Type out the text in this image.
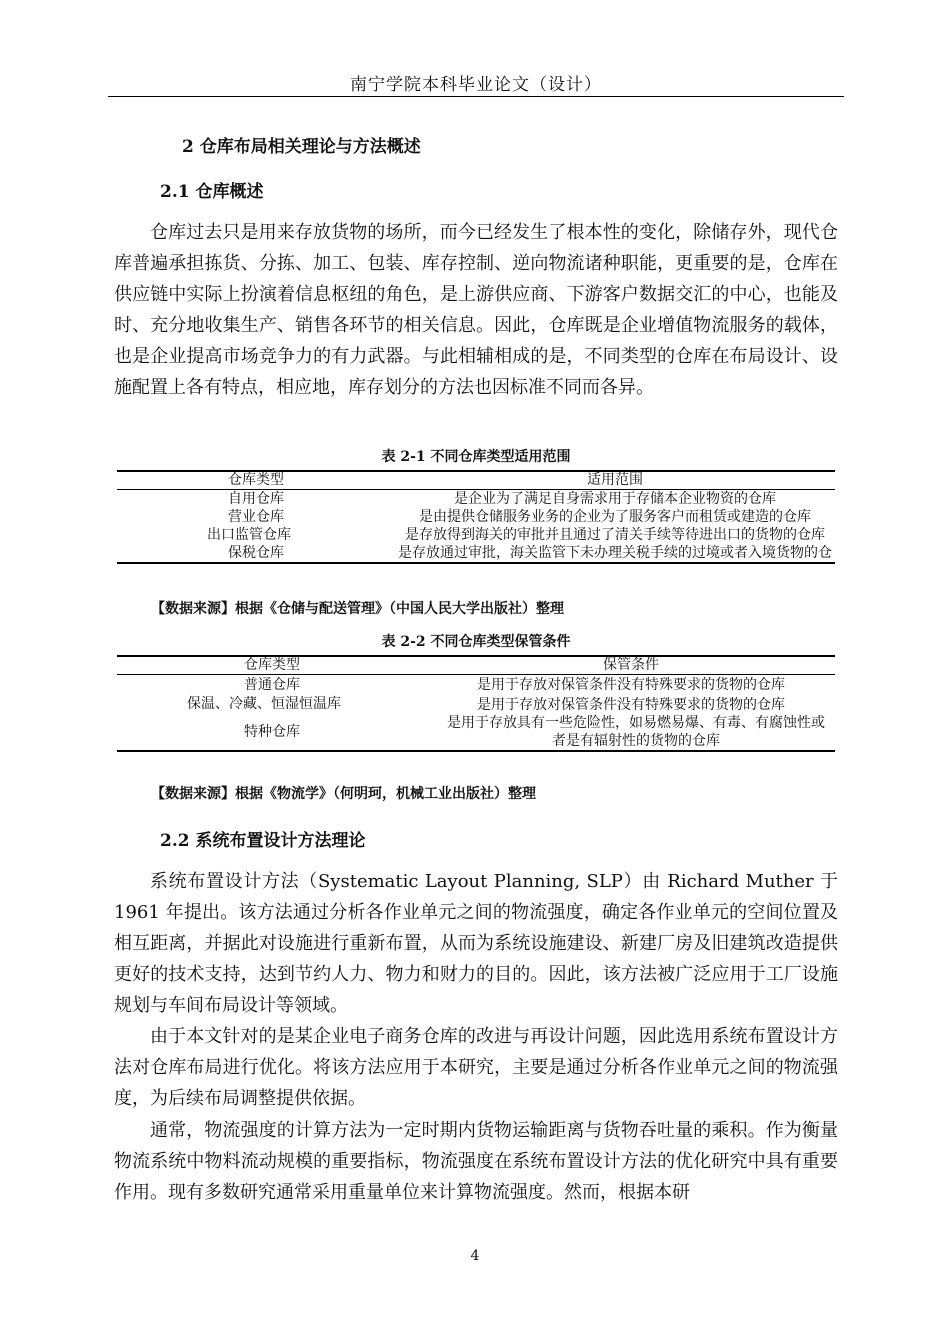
南宁学院本科毕业论文（设计）
2 仓库布局相关理论与方法概述
2.1 仓库概述

仓库过去只是用来存放货物的场所，而今已经发生了根本性的变化，除储存外，现代仓库普遍承担拣货、分拣、加工、包装、库存控制、逆向物流诸种职能，更重要的是，仓库在供应链中实际上扮演着信息枢纽的角色，是上游供应商、下游客户数据交汇的中心，也能及时、充分地收集生产、销售各环节的相关信息。因此，仓库既是企业增值物流服务的载体，也是企业提高市场竞争力的有力武器。与此相辅相成的是，不同类型的仓库在布局设计、设施配置上各有特点，相应地，库存划分的方法也因标准不同而各异。

表 2-1 不同仓库类型适用范围
仓库类型	适用范围
自用仓库	是企业为了满足自身需求用于存储本企业物资的仓库
营业仓库	是由提供仓储服务业务的企业为了服务客户而租赁或建造的仓库
出口监管仓库	是存放得到海关的审批并且通过了清关手续等待进出口的货物的仓库
保税仓库	是存放通过审批，海关监管下未办理关税手续的过境或者入境货物的仓
【数据来源】根据《仓储与配送管理》（中国人民大学出版社）整理
表 2-2 不同仓库类型保管条件
仓库类型	保管条件
普通仓库	是用于存放对保管条件没有特殊要求的货物的仓库
保温、冷藏、恒湿恒温库	是用于存放对保管条件没有特殊要求的货物的仓库
特种仓库	是用于存放具有一些危险性，如易燃易爆、有毒、有腐蚀性或者是有辐射性的货物的仓库
【数据来源】根据《物流学》（何明珂，机械工业出版社）整理
2.2 系统布置设计方法理论

系统布置设计方法（Systematic Layout Planning, SLP）由 Richard Muther 于 1961 年提出。该方法通过分析各作业单元之间的物流强度，确定各作业单元的空间位置及相互距离，并据此对设施进行重新布置，从而为系统设施建设、新建厂房及旧建筑改造提供更好的技术支持，达到节约人力、物力和财力的目的。因此，该方法被广泛应用于工厂设施规划与车间布局设计等领域。

由于本文针对的是某企业电子商务仓库的改进与再设计问题，因此选用系统布置设计方法对仓库布局进行优化。将该方法应用于本研究，主要是通过分析各作业单元之间的物流强度，为后续布局调整提供依据。

通常，物流强度的计算方法为一定时期内货物运输距离与货物吞吐量的乘积。作为衡量物流系统中物料流动规模的重要指标，物流强度在系统布置设计方法的优化研究中具有重要作用。现有多数研究通常采用重量单位来计算物流强度。然而，根据本研

4
